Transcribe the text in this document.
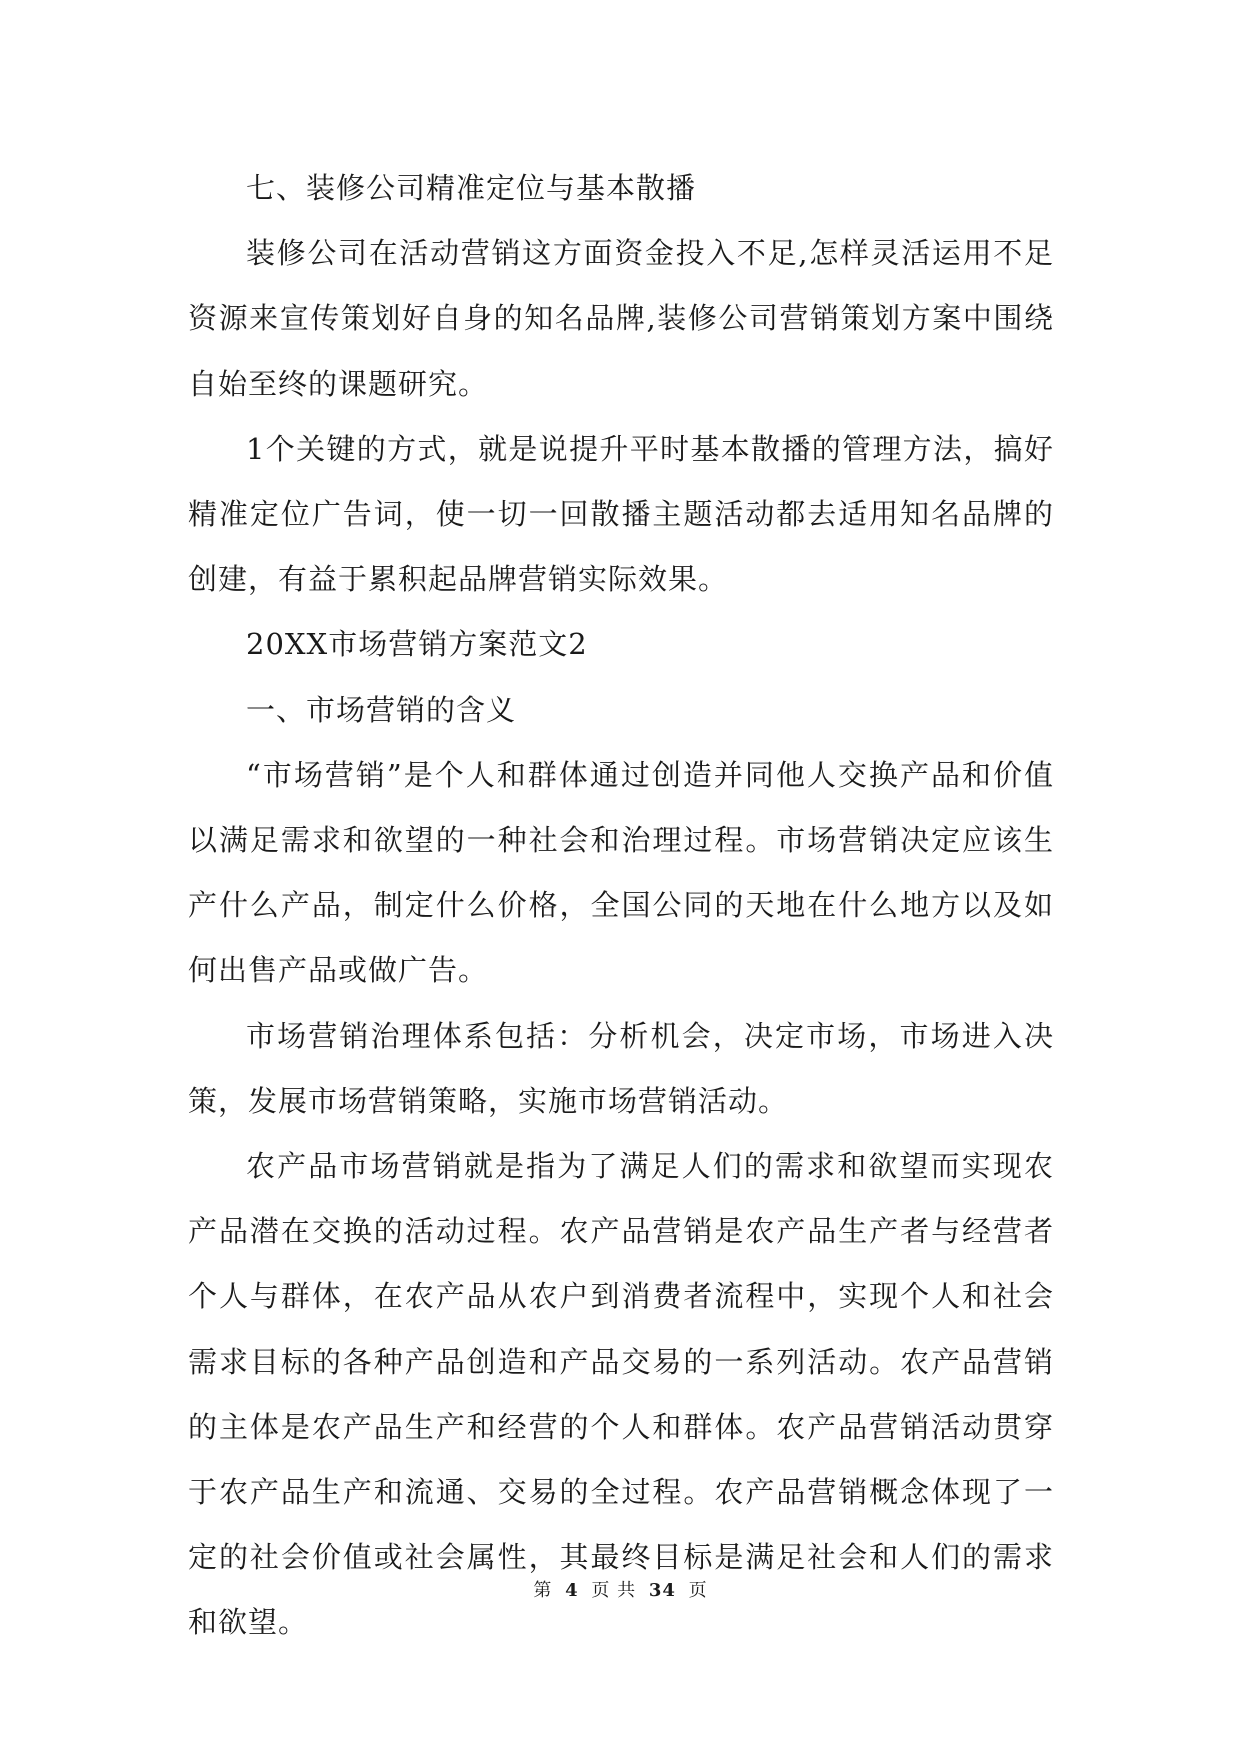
七、装修公司精准定位与基本散播

装修公司在活动营销这方面资金投入不足,怎样灵活运用不足资源来宣传策划好自身的知名品牌,装修公司营销策划方案中围绕自始至终的课题研究。

1个关键的方式，就是说提升平时基本散播的管理方法，搞好精准定位广告词，使一切一回散播主题活动都去适用知名品牌的创建，有益于累积起品牌营销实际效果。

20XX市场营销方案范文2

一、市场营销的含义

“市场营销”是个人和群体通过创造并同他人交换产品和价值以满足需求和欲望的一种社会和治理过程。市场营销决定应该生产什么产品，制定什么价格，全国公同的天地在什么地方以及如何出售产品或做广告。

市场营销治理体系包括：分析机会，决定市场，市场进入决策，发展市场营销策略，实施市场营销活动。

农产品市场营销就是指为了满足人们的需求和欲望而实现农产品潜在交换的活动过程。农产品营销是农产品生产者与经营者个人与群体，在农产品从农户到消费者流程中，实现个人和社会需求目标的各种产品创造和产品交易的一系列活动。农产品营销的主体是农产品生产和经营的个人和群体。农产品营销活动贯穿于农产品生产和流通、交易的全过程。农产品营销概念体现了一定的社会价值或社会属性，其最终目标是满足社会和人们的需求和欲望。

第 4 页 共 34 页
